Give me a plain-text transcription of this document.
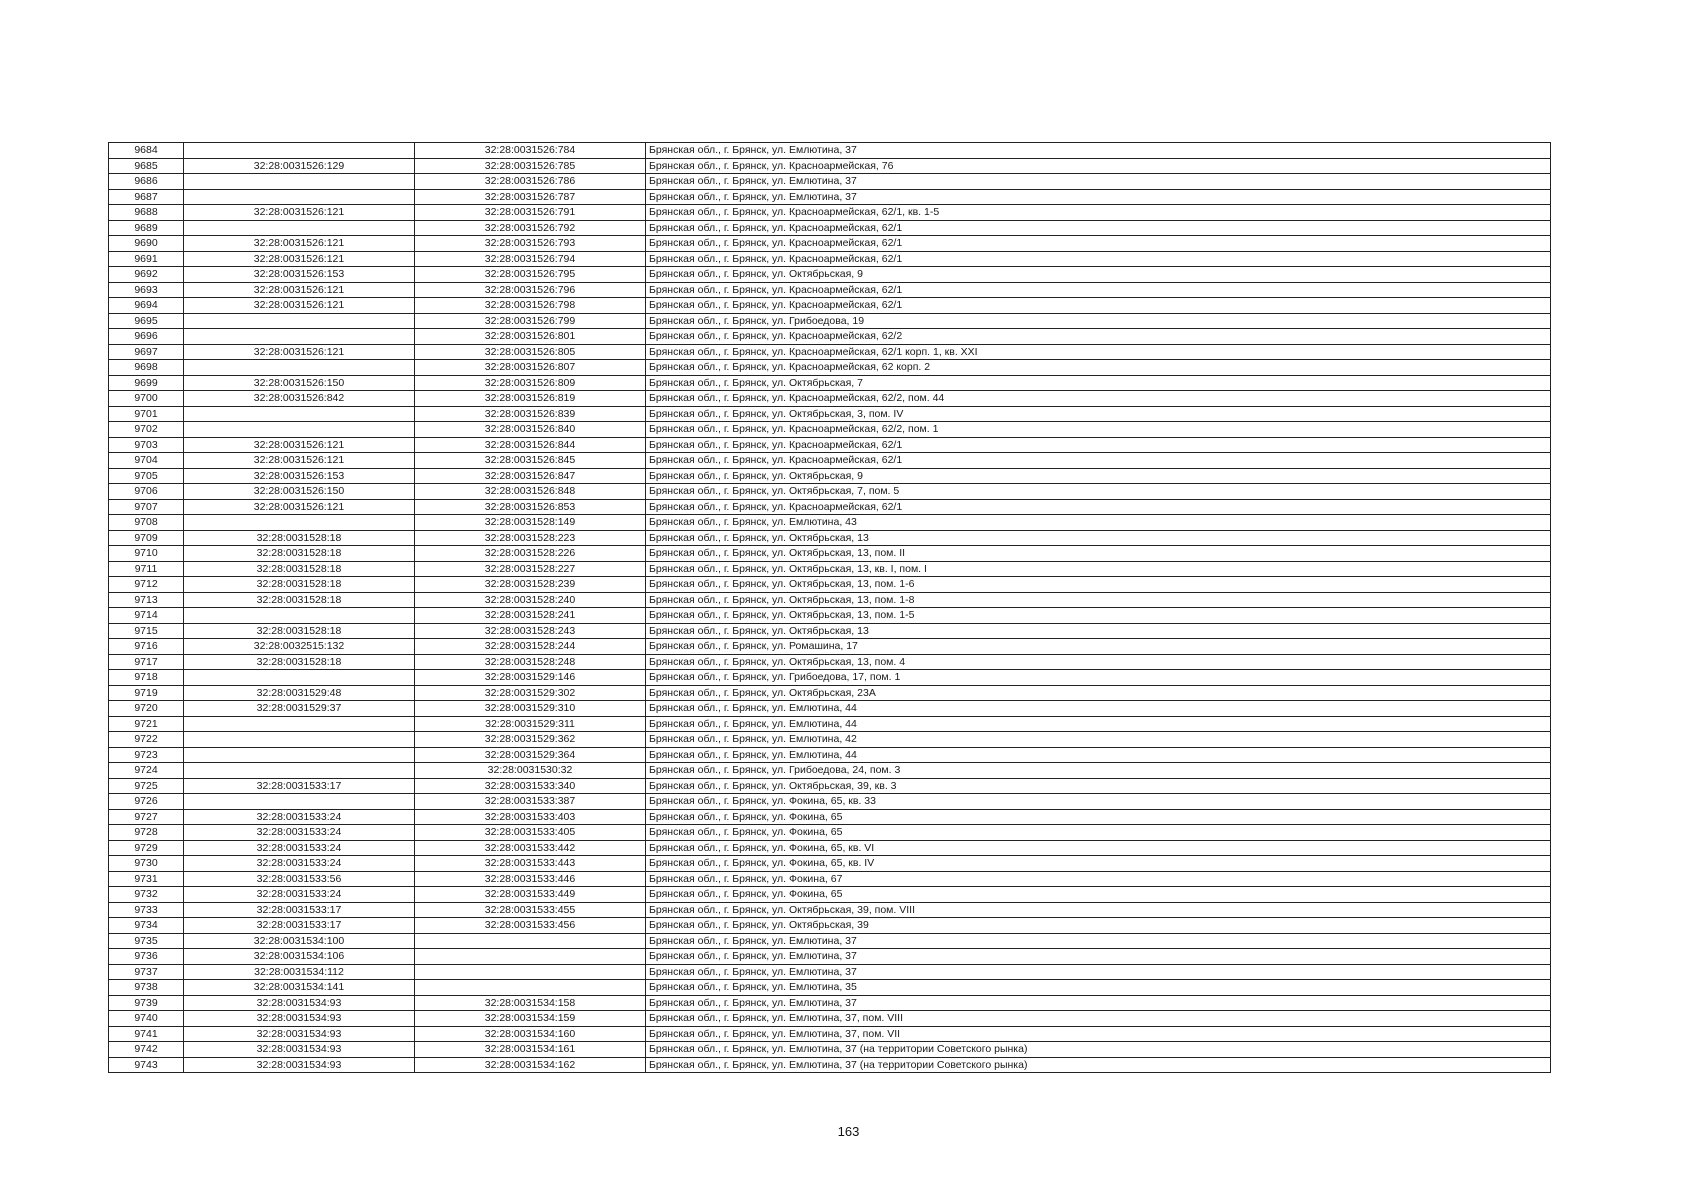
9684		32:28:0031526:784	Брянская обл., г. Брянск, ул. Емлютина, 37
9685	32:28:0031526:129	32:28:0031526:785	Брянская обл., г. Брянск, ул. Красноармейская, 76
9686		32:28:0031526:786	Брянская обл., г. Брянск, ул. Емлютина, 37
9687		32:28:0031526:787	Брянская обл., г. Брянск, ул. Емлютина, 37
9688	32:28:0031526:121	32:28:0031526:791	Брянская обл., г. Брянск, ул. Красноармейская, 62/1, кв. 1-5
9689		32:28:0031526:792	Брянская обл., г. Брянск, ул. Красноармейская, 62/1
9690	32:28:0031526:121	32:28:0031526:793	Брянская обл., г. Брянск, ул. Красноармейская, 62/1
9691	32:28:0031526:121	32:28:0031526:794	Брянская обл., г. Брянск, ул. Красноармейская, 62/1
9692	32:28:0031526:153	32:28:0031526:795	Брянская обл., г. Брянск, ул. Октябрьская, 9
9693	32:28:0031526:121	32:28:0031526:796	Брянская обл., г. Брянск, ул. Красноармейская, 62/1
9694	32:28:0031526:121	32:28:0031526:798	Брянская обл., г. Брянск, ул. Красноармейская, 62/1
9695		32:28:0031526:799	Брянская обл., г. Брянск, ул. Грибоедова, 19
9696		32:28:0031526:801	Брянская обл., г. Брянск, ул. Красноармейская, 62/2
9697	32:28:0031526:121	32:28:0031526:805	Брянская обл., г. Брянск, ул. Красноармейская, 62/1 корп. 1, кв. XXI
9698		32:28:0031526:807	Брянская обл., г. Брянск, ул. Красноармейская, 62 корп. 2
9699	32:28:0031526:150	32:28:0031526:809	Брянская обл., г. Брянск, ул. Октябрьская, 7
9700	32:28:0031526:842	32:28:0031526:819	Брянская обл., г. Брянск, ул. Красноармейская, 62/2, пом. 44
9701		32:28:0031526:839	Брянская обл., г. Брянск, ул. Октябрьская, 3, пом. IV
9702		32:28:0031526:840	Брянская обл., г. Брянск, ул. Красноармейская, 62/2, пом. 1
9703	32:28:0031526:121	32:28:0031526:844	Брянская обл., г. Брянск, ул. Красноармейская, 62/1
9704	32:28:0031526:121	32:28:0031526:845	Брянская обл., г. Брянск, ул. Красноармейская, 62/1
9705	32:28:0031526:153	32:28:0031526:847	Брянская обл., г. Брянск, ул. Октябрьская, 9
9706	32:28:0031526:150	32:28:0031526:848	Брянская обл., г. Брянск, ул. Октябрьская, 7, пом. 5
9707	32:28:0031526:121	32:28:0031526:853	Брянская обл., г. Брянск, ул. Красноармейская, 62/1
9708		32:28:0031528:149	Брянская обл., г. Брянск, ул. Емлютина, 43
9709	32:28:0031528:18	32:28:0031528:223	Брянская обл., г. Брянск, ул. Октябрьская, 13
9710	32:28:0031528:18	32:28:0031528:226	Брянская обл., г. Брянск, ул. Октябрьская, 13, пом. II
9711	32:28:0031528:18	32:28:0031528:227	Брянская обл., г. Брянск, ул. Октябрьская, 13, кв. I, пом. I
9712	32:28:0031528:18	32:28:0031528:239	Брянская обл., г. Брянск, ул. Октябрьская, 13, пом. 1-6
9713	32:28:0031528:18	32:28:0031528:240	Брянская обл., г. Брянск, ул. Октябрьская, 13, пом. 1-8
9714		32:28:0031528:241	Брянская обл., г. Брянск, ул. Октябрьская, 13, пом. 1-5
9715	32:28:0031528:18	32:28:0031528:243	Брянская обл., г. Брянск, ул. Октябрьская, 13
9716	32:28:0032515:132	32:28:0031528:244	Брянская обл., г. Брянск, ул. Ромашина, 17
9717	32:28:0031528:18	32:28:0031528:248	Брянская обл., г. Брянск, ул. Октябрьская, 13, пом. 4
9718		32:28:0031529:146	Брянская обл., г. Брянск, ул. Грибоедова, 17, пом. 1
9719	32:28:0031529:48	32:28:0031529:302	Брянская обл., г. Брянск, ул. Октябрьская, 23А
9720	32:28:0031529:37	32:28:0031529:310	Брянская обл., г. Брянск, ул. Емлютина, 44
9721		32:28:0031529:311	Брянская обл., г. Брянск, ул. Емлютина, 44
9722		32:28:0031529:362	Брянская обл., г. Брянск, ул. Емлютина, 42
9723		32:28:0031529:364	Брянская обл., г. Брянск, ул. Емлютина, 44
9724		32:28:0031530:32	Брянская обл., г. Брянск, ул. Грибоедова, 24, пом. 3
9725	32:28:0031533:17	32:28:0031533:340	Брянская обл., г. Брянск, ул. Октябрьская, 39, кв. 3
9726		32:28:0031533:387	Брянская обл., г. Брянск, ул. Фокина, 65, кв. 33
9727	32:28:0031533:24	32:28:0031533:403	Брянская обл., г. Брянск, ул. Фокина, 65
9728	32:28:0031533:24	32:28:0031533:405	Брянская обл., г. Брянск, ул. Фокина, 65
9729	32:28:0031533:24	32:28:0031533:442	Брянская обл., г. Брянск, ул. Фокина, 65, кв. VI
9730	32:28:0031533:24	32:28:0031533:443	Брянская обл., г. Брянск, ул. Фокина, 65, кв. IV
9731	32:28:0031533:56	32:28:0031533:446	Брянская обл., г. Брянск, ул. Фокина, 67
9732	32:28:0031533:24	32:28:0031533:449	Брянская обл., г. Брянск, ул. Фокина, 65
9733	32:28:0031533:17	32:28:0031533:455	Брянская обл., г. Брянск, ул. Октябрьская, 39, пом. VIII
9734	32:28:0031533:17	32:28:0031533:456	Брянская обл., г. Брянск, ул. Октябрьская, 39
9735	32:28:0031534:100		Брянская обл., г. Брянск, ул. Емлютина, 37
9736	32:28:0031534:106		Брянская обл., г. Брянск, ул. Емлютина, 37
9737	32:28:0031534:112		Брянская обл., г. Брянск, ул. Емлютина, 37
9738	32:28:0031534:141		Брянская обл., г. Брянск, ул. Емлютина, 35
9739	32:28:0031534:93	32:28:0031534:158	Брянская обл., г. Брянск, ул. Емлютина, 37
9740	32:28:0031534:93	32:28:0031534:159	Брянская обл., г. Брянск, ул. Емлютина, 37, пом. VIII
9741	32:28:0031534:93	32:28:0031534:160	Брянская обл., г. Брянск, ул. Емлютина, 37, пом. VII
9742	32:28:0031534:93	32:28:0031534:161	Брянская обл., г. Брянск, ул. Емлютина, 37 (на территории Советского рынка)
9743	32:28:0031534:93	32:28:0031534:162	Брянская обл., г. Брянск, ул. Емлютина, 37 (на территории Советского рынка)
163
